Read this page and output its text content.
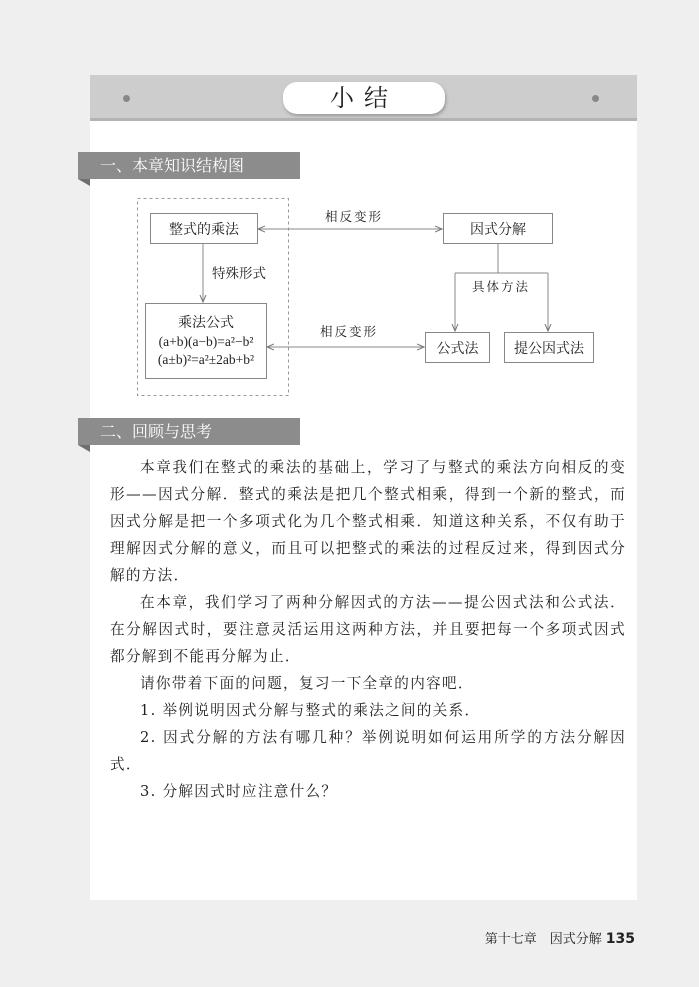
小结
一、本章知识结构图
整式的乘法	因式分解
乘法公式
(a+b)(a−b)=a²−b²
(a±b)²=a²±2ab+b²
公式法	提公因式法
相反变形
特殊形式
具体方法
相反变形
二、回顾与思考
本章我们在整式的乘法的基础上，学习了与整式的乘法方向相反的变形——因式分解．整式的乘法是把几个整式相乘，得到一个新的整式，而因式分解是把一个多项式化为几个整式相乘．知道这种关系，不仅有助于理解因式分解的意义，而且可以把整式的乘法的过程反过来，得到因式分解的方法．
在本章，我们学习了两种分解因式的方法——提公因式法和公式法．在分解因式时，要注意灵活运用这两种方法，并且要把每一个多项式因式都分解到不能再分解为止．
请你带着下面的问题，复习一下全章的内容吧．
1. 举例说明因式分解与整式的乘法之间的关系．
2. 因式分解的方法有哪几种？举例说明如何运用所学的方法分解因式．
3. 分解因式时应注意什么？
第十七章　因式分解 135
